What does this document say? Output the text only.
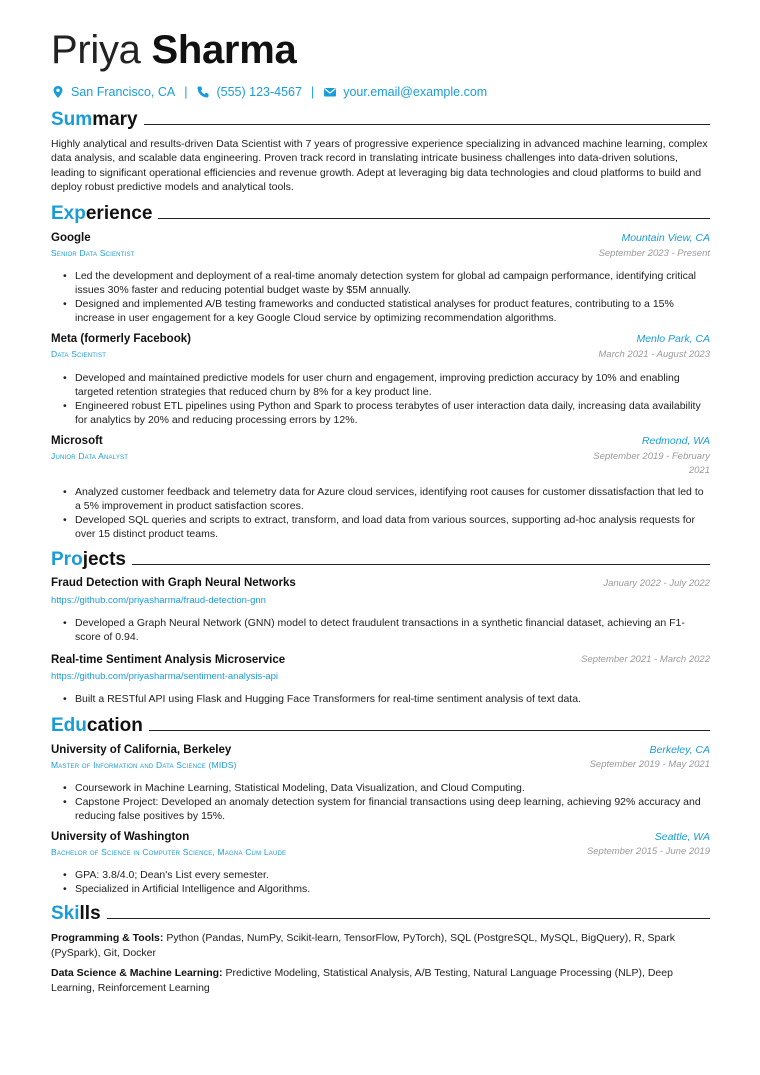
Priya Sharma
San Francisco, CA | (555) 123-4567 | your.email@example.com
Summary
Highly analytical and results-driven Data Scientist with 7 years of progressive experience specializing in advanced machine learning, complex data analysis, and scalable data engineering. Proven track record in translating intricate business challenges into data-driven solutions, leading to significant operational efficiencies and revenue growth. Adept at leveraging big data technologies and cloud platforms to build and deploy robust predictive models and analytical tools.
Experience
Google	Mountain View, CA
Senior Data Scientist	September 2023 - Present
• Led the development and deployment of a real-time anomaly detection system for global ad campaign performance, identifying critical issues 30% faster and reducing potential budget waste by $5M annually.
• Designed and implemented A/B testing frameworks and conducted statistical analyses for product features, contributing to a 15% increase in user engagement for a key Google Cloud service by optimizing recommendation algorithms.
Meta (formerly Facebook)	Menlo Park, CA
Data Scientist	March 2021 - August 2023
• Developed and maintained predictive models for user churn and engagement, improving prediction accuracy by 10% and enabling targeted retention strategies that reduced churn by 8% for a key product line.
• Engineered robust ETL pipelines using Python and Spark to process terabytes of user interaction data daily, increasing data availability for analytics by 20% and reducing processing errors by 12%.
Microsoft	Redmond, WA
Junior Data Analyst	September 2019 - February 2021
• Analyzed customer feedback and telemetry data for Azure cloud services, identifying root causes for customer dissatisfaction that led to a 5% improvement in product satisfaction scores.
• Developed SQL queries and scripts to extract, transform, and load data from various sources, supporting ad-hoc analysis requests for over 15 distinct product teams.
Projects
Fraud Detection with Graph Neural Networks	January 2022 - July 2022
https://github.com/priyasharma/fraud-detection-gnn
• Developed a Graph Neural Network (GNN) model to detect fraudulent transactions in a synthetic financial dataset, achieving an F1-score of 0.94.
Real-time Sentiment Analysis Microservice	September 2021 - March 2022
https://github.com/priyasharma/sentiment-analysis-api
• Built a RESTful API using Flask and Hugging Face Transformers for real-time sentiment analysis of text data.
Education
University of California, Berkeley	Berkeley, CA
Master of Information and Data Science (MIDS)	September 2019 - May 2021
• Coursework in Machine Learning, Statistical Modeling, Data Visualization, and Cloud Computing.
• Capstone Project: Developed an anomaly detection system for financial transactions using deep learning, achieving 92% accuracy and reducing false positives by 15%.
University of Washington	Seattle, WA
Bachelor of Science in Computer Science, Magna Cum Laude	September 2015 - June 2019
• GPA: 3.8/4.0; Dean's List every semester.
• Specialized in Artificial Intelligence and Algorithms.
Skills
Programming & Tools: Python (Pandas, NumPy, Scikit-learn, TensorFlow, PyTorch), SQL (PostgreSQL, MySQL, BigQuery), R, Spark (PySpark), Git, Docker
Data Science & Machine Learning: Predictive Modeling, Statistical Analysis, A/B Testing, Natural Language Processing (NLP), Deep Learning, Reinforcement Learning
